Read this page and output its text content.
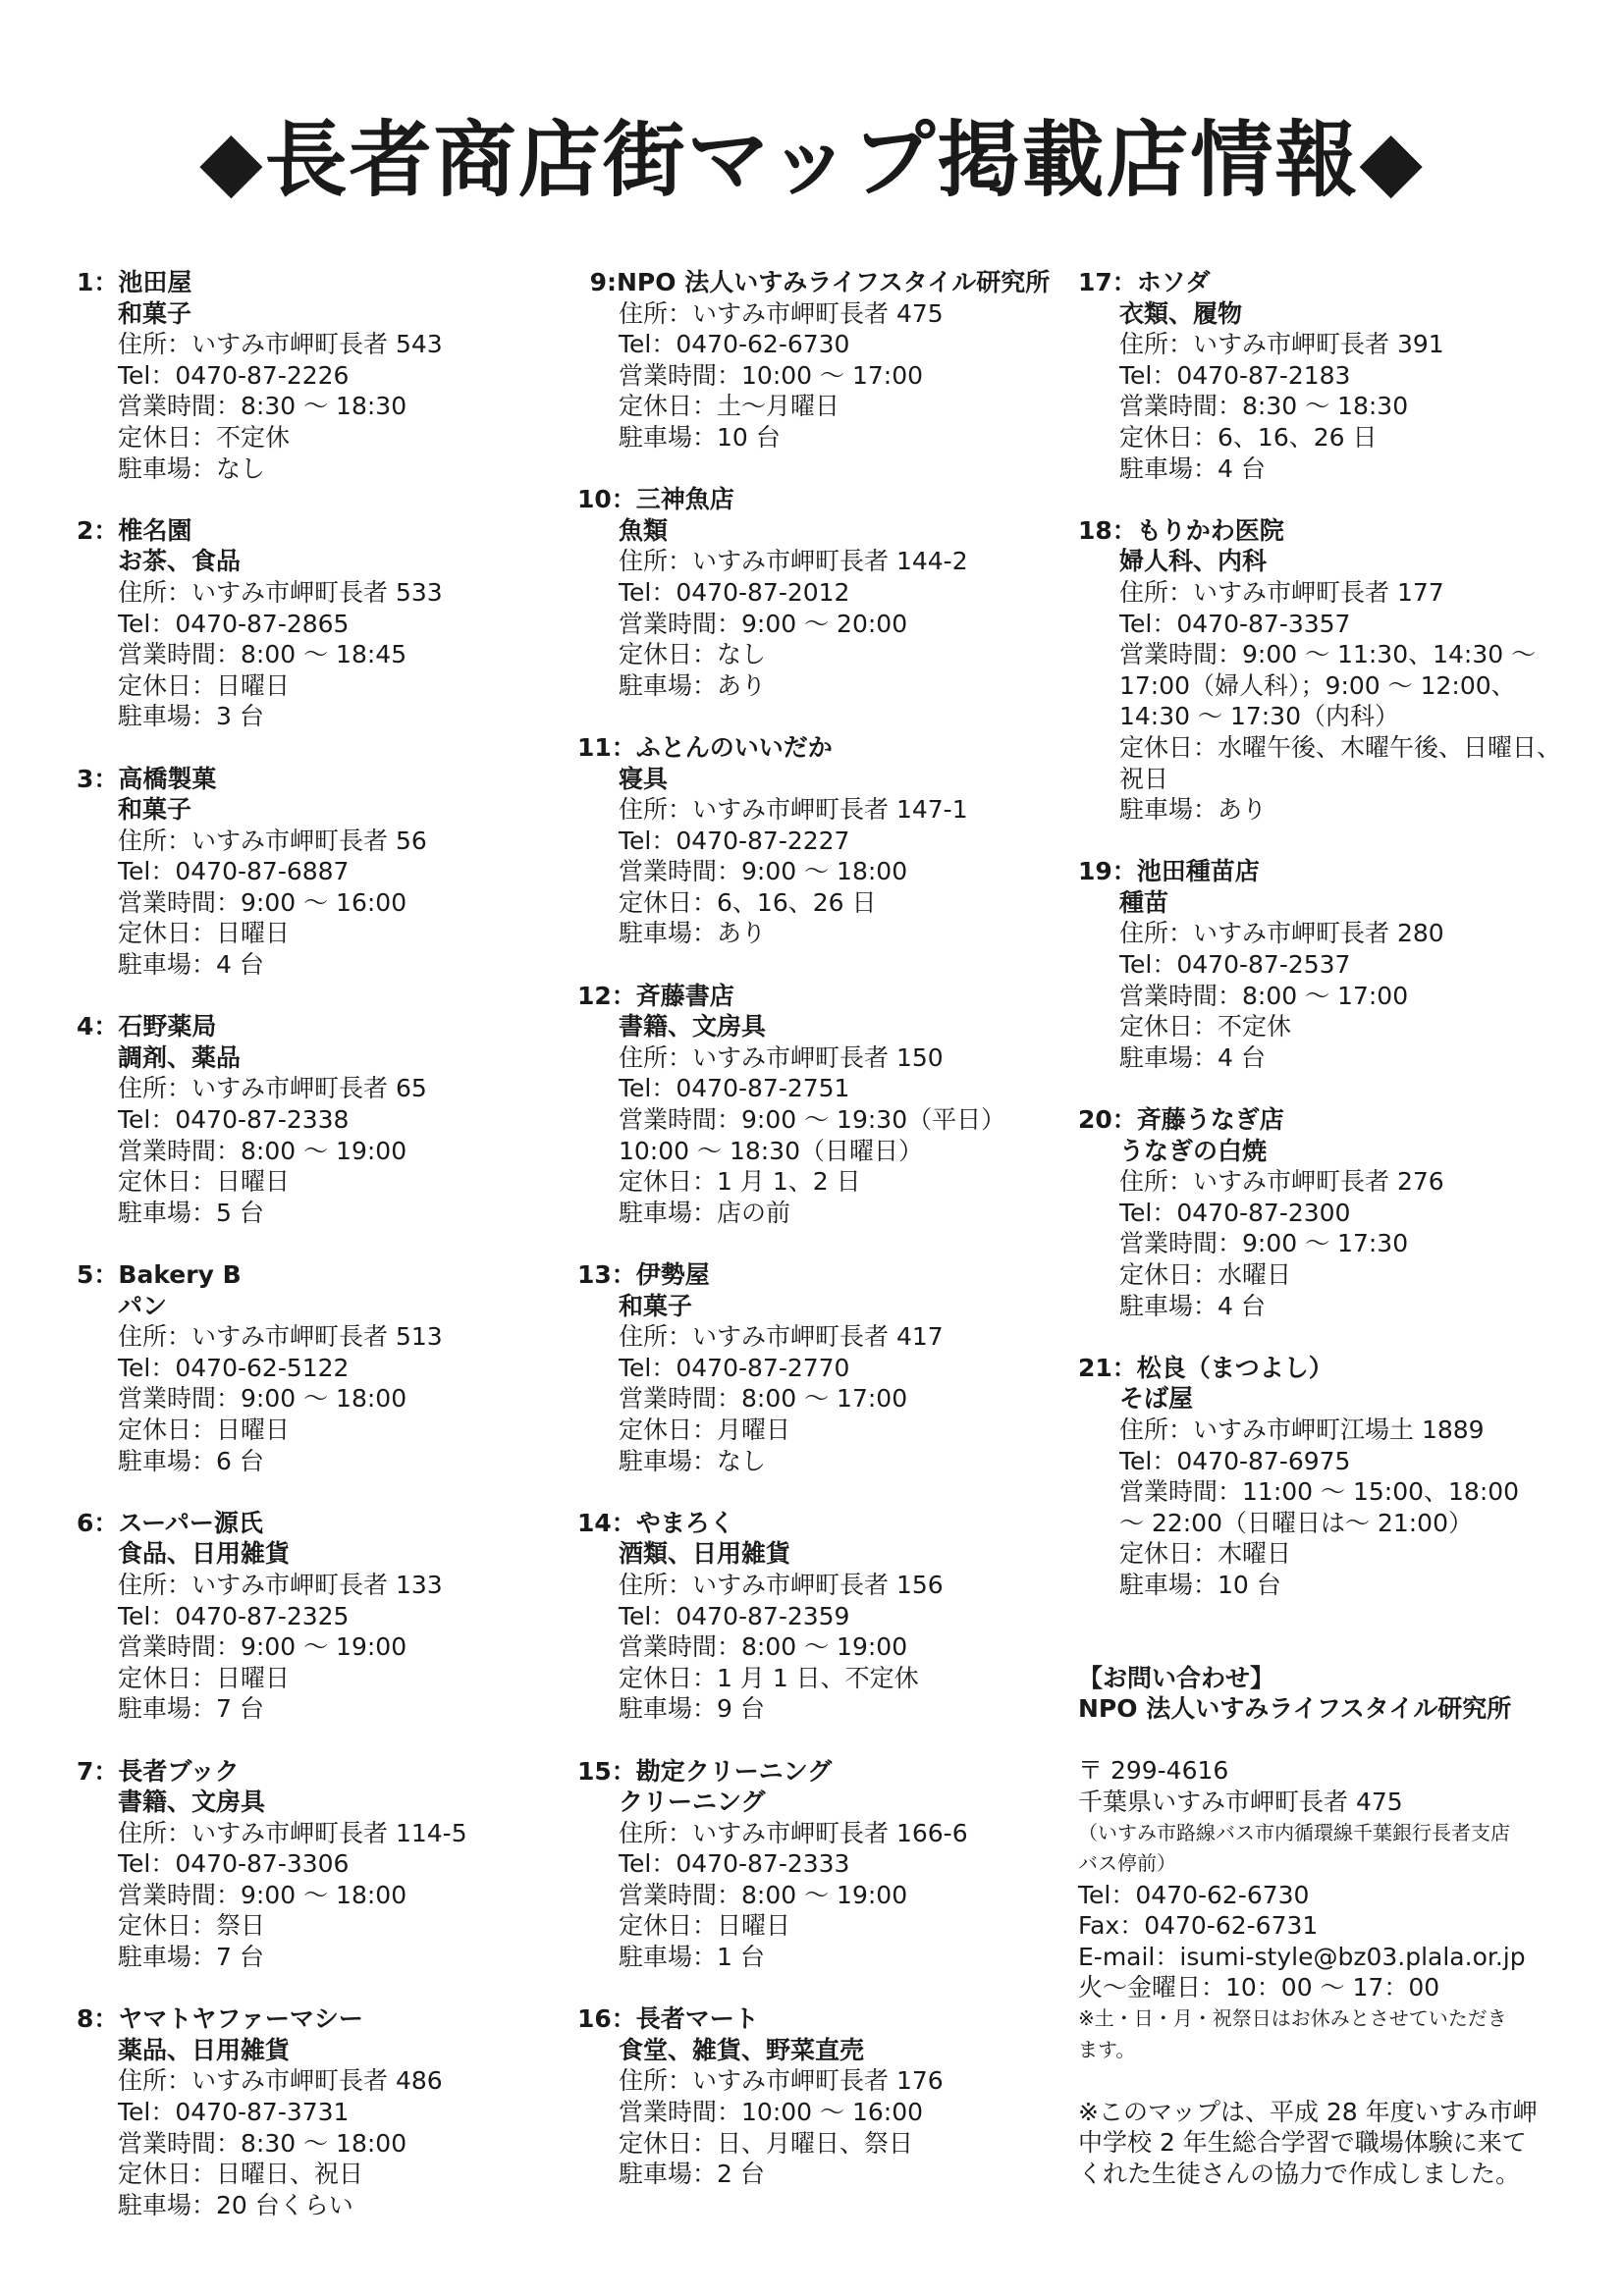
◆長者商店街マップ掲載店情報◆
1：池田屋
和菓子
住所：いすみ市岬町長者 543
Tel：0470-87-2226
営業時間：8:30 ～ 18:30
定休日：不定休
駐車場：なし
2：椎名園
お茶、食品
住所：いすみ市岬町長者 533
Tel：0470-87-2865
営業時間：8:00 ～ 18:45
定休日：日曜日
駐車場：3 台
3：高橋製菓
和菓子
住所：いすみ市岬町長者 56
Tel：0470-87-6887
営業時間：9:00 ～ 16:00
定休日：日曜日
駐車場：4 台
4：石野薬局
調剤、薬品
住所：いすみ市岬町長者 65
Tel：0470-87-2338
営業時間：8:00 ～ 19:00
定休日：日曜日
駐車場：5 台
5：Bakery B
パン
住所：いすみ市岬町長者 513
Tel：0470-62-5122
営業時間：9:00 ～ 18:00
定休日：日曜日
駐車場：6 台
6：スーパー源氏
食品、日用雑貨
住所：いすみ市岬町長者 133
Tel：0470-87-2325
営業時間：9:00 ～ 19:00
定休日：日曜日
駐車場：7 台
7：長者ブック
書籍、文房具
住所：いすみ市岬町長者 114-5
Tel：0470-87-3306
営業時間：9:00 ～ 18:00
定休日：祭日
駐車場：7 台
8：ヤマトヤファーマシー
薬品、日用雑貨
住所：いすみ市岬町長者 486
Tel：0470-87-3731
営業時間：8:30 ～ 18:00
定休日：日曜日、祝日
駐車場：20 台くらい
9:NPO 法人いすみライフスタイル研究所
住所：いすみ市岬町長者 475
Tel：0470-62-6730
営業時間：10:00 ～ 17:00
定休日：土～月曜日
駐車場：10 台
10：三神魚店
魚類
住所：いすみ市岬町長者 144-2
Tel：0470-87-2012
営業時間：9:00 ～ 20:00
定休日：なし
駐車場：あり
11：ふとんのいいだか
寝具
住所：いすみ市岬町長者 147-1
Tel：0470-87-2227
営業時間：9:00 ～ 18:00
定休日：6、16、26 日
駐車場：あり
12：斉藤書店
書籍、文房具
住所：いすみ市岬町長者 150
Tel：0470-87-2751
営業時間：9:00 ～ 19:30（平日）
10:00 ～ 18:30（日曜日）
定休日：1 月 1、2 日
駐車場：店の前
13：伊勢屋
和菓子
住所：いすみ市岬町長者 417
Tel：0470-87-2770
営業時間：8:00 ～ 17:00
定休日：月曜日
駐車場：なし
14：やまろく
酒類、日用雑貨
住所：いすみ市岬町長者 156
Tel：0470-87-2359
営業時間：8:00 ～ 19:00
定休日：1 月 1 日、不定休
駐車場：9 台
15：勘定クリーニング
クリーニング
住所：いすみ市岬町長者 166-6
Tel：0470-87-2333
営業時間：8:00 ～ 19:00
定休日：日曜日
駐車場：1 台
16：長者マート
食堂、雑貨、野菜直売
住所：いすみ市岬町長者 176
営業時間：10:00 ～ 16:00
定休日：日、月曜日、祭日
駐車場：2 台
17：ホソダ
衣類、履物
住所：いすみ市岬町長者 391
Tel：0470-87-2183
営業時間：8:30 ～ 18:30
定休日：6、16、26 日
駐車場：4 台
18：もりかわ医院
婦人科、内科
住所：いすみ市岬町長者 177
Tel：0470-87-3357
営業時間：9:00 ～ 11:30、14:30 ～
17:00（婦人科）；9:00 ～ 12:00、
14:30 ～ 17:30（内科）
定休日：水曜午後、木曜午後、日曜日、
祝日
駐車場：あり
19：池田種苗店
種苗
住所：いすみ市岬町長者 280
Tel：0470-87-2537
営業時間：8:00 ～ 17:00
定休日：不定休
駐車場：4 台
20：斉藤うなぎ店
うなぎの白焼
住所：いすみ市岬町長者 276
Tel：0470-87-2300
営業時間：9:00 ～ 17:30
定休日：水曜日
駐車場：4 台
21：松良（まつよし）
そば屋
住所：いすみ市岬町江場土 1889
Tel：0470-87-6975
営業時間：11:00 ～ 15:00、18:00
～ 22:00（日曜日は～ 21:00）
定休日：木曜日
駐車場：10 台
【お問い合わせ】
NPO 法人いすみライフスタイル研究所
〒 299-4616
千葉県いすみ市岬町長者 475
（いすみ市路線バス市内循環線千葉銀行長者支店
バス停前）
Tel：0470-62-6730
Fax：0470-62-6731
E-mail：isumi-style@bz03.plala.or.jp
火～金曜日：10：00 ～ 17：00
※土・日・月・祝祭日はお休みとさせていただき
ます。
※このマップは、平成 28 年度いすみ市岬
中学校 2 年生総合学習で職場体験に来て
くれた生徒さんの協力で作成しました。
